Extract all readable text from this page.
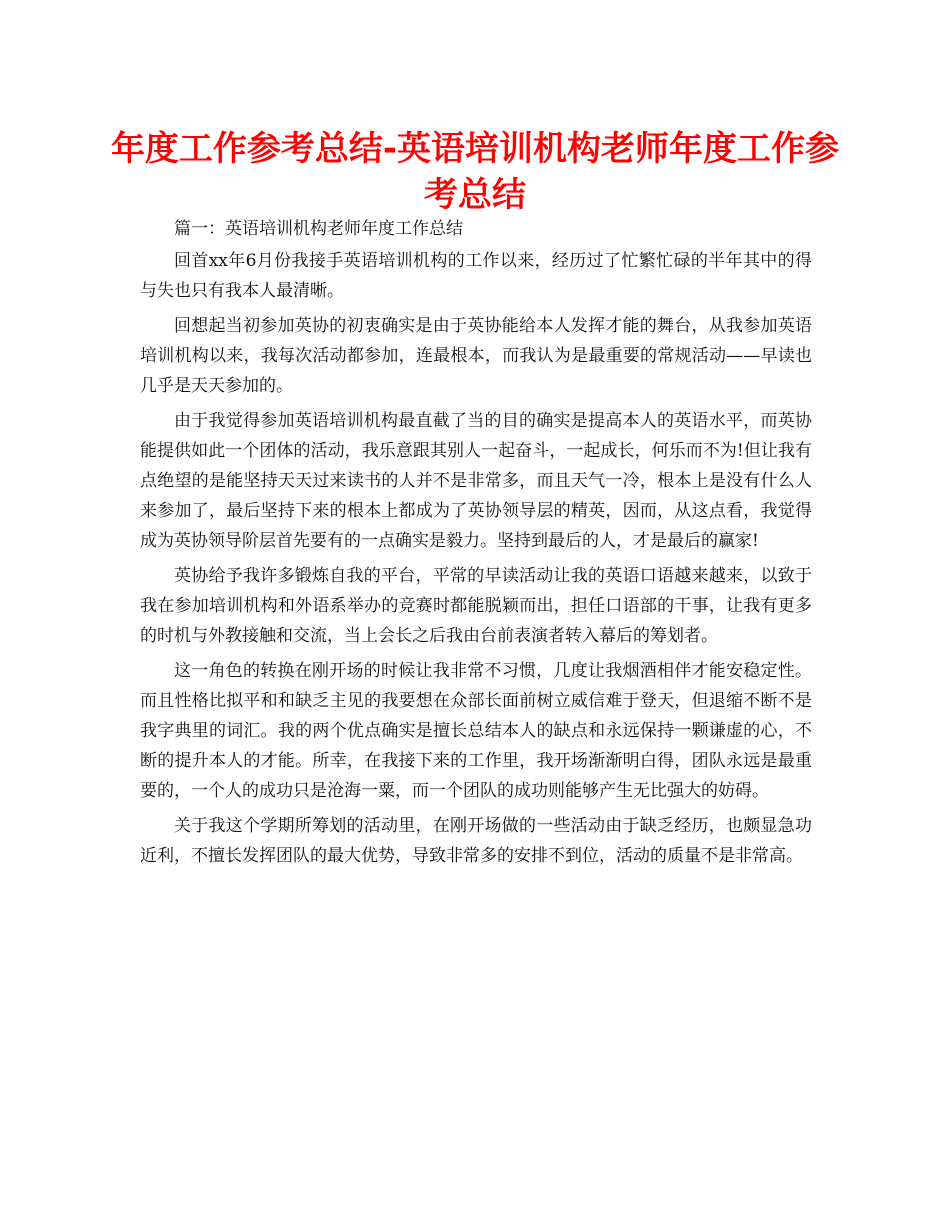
年度工作参考总结-英语培训机构老师年度工作参考总结

篇一：英语培训机构老师年度工作总结

回首xx年6月份我接手英语培训机构的工作以来，经历过了忙繁忙碌的半年其中的得与失也只有我本人最清晰。

回想起当初参加英协的初衷确实是由于英协能给本人发挥才能的舞台，从我参加英语培训机构以来，我每次活动都参加，连最根本，而我认为是最重要的常规活动——早读也几乎是天天参加的。

由于我觉得参加英语培训机构最直截了当的目的确实是提高本人的英语水平，而英协能提供如此一个团体的活动，我乐意跟其别人一起奋斗，一起成长，何乐而不为!但让我有点绝望的是能坚持天天过来读书的人并不是非常多，而且天气一冷，根本上是没有什么人来参加了，最后坚持下来的根本上都成为了英协领导层的精英，因而，从这点看，我觉得成为英协领导阶层首先要有的一点确实是毅力。坚持到最后的人，才是最后的赢家!

英协给予我许多锻炼自我的平台，平常的早读活动让我的英语口语越来越来，以致于我在参加培训机构和外语系举办的竞赛时都能脱颖而出，担任口语部的干事，让我有更多的时机与外教接触和交流，当上会长之后我由台前表演者转入幕后的筹划者。

这一角色的转换在刚开场的时候让我非常不习惯，几度让我烟酒相伴才能安稳定性。而且性格比拟平和和缺乏主见的我要想在众部长面前树立威信难于登天，但退缩不断不是我字典里的词汇。我的两个优点确实是擅长总结本人的缺点和永远保持一颗谦虚的心，不断的提升本人的才能。所幸，在我接下来的工作里，我开场渐渐明白得，团队永远是最重要的，一个人的成功只是沧海一粟，而一个团队的成功则能够产生无比强大的妨碍。

关于我这个学期所筹划的活动里，在刚开场做的一些活动由于缺乏经历，也颇显急功近利，不擅长发挥团队的最大优势，导致非常多的安排不到位，活动的质量不是非常高。
